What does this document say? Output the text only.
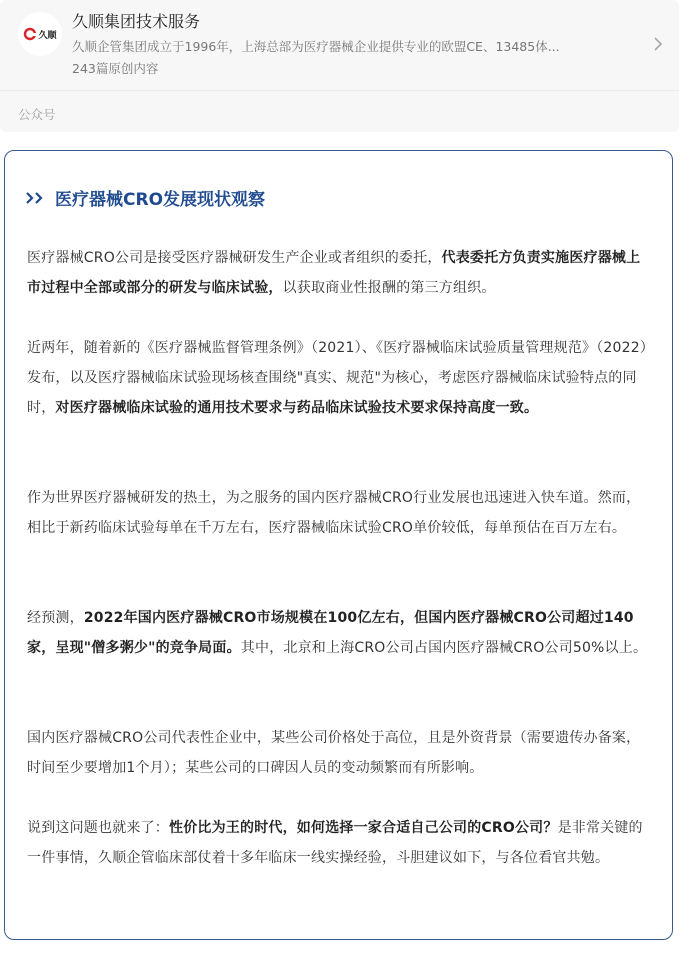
久顺
久顺集团技术服务
久顺企管集团成立于1996年，上海总部为医疗器械企业提供专业的欧盟CE、13485体...
243篇原创内容
公众号
医疗器械CRO发展现状观察

医疗器械CRO公司是接受医疗器械研发生产企业或者组织的委托，代表委托方负责实施医疗器械上市过程中全部或部分的研发与临床试验，以获取商业性报酬的第三方组织。

近两年，随着新的《医疗器械监督管理条例》（2021）、《医疗器械临床试验质量管理规范》（2022）发布，以及医疗器械临床试验现场核查围绕"真实、规范"为核心，考虑医疗器械临床试验特点的同时，对医疗器械临床试验的通用技术要求与药品临床试验技术要求保持高度一致。

作为世界医疗器械研发的热土，为之服务的国内医疗器械CRO行业发展也迅速进入快车道。然而，相比于新药临床试验每单在千万左右，医疗器械临床试验CRO单价较低，每单预估在百万左右。

经预测，2022年国内医疗器械CRO市场规模在100亿左右，但国内医疗器械CRO公司超过140家，呈现"僧多粥少"的竞争局面。其中，北京和上海CRO公司占国内医疗器械CRO公司50%以上。

国内医疗器械CRO公司代表性企业中，某些公司价格处于高位，且是外资背景（需要遗传办备案，时间至少要增加1个月）；某些公司的口碑因人员的变动频繁而有所影响。

说到这问题也就来了：性价比为王的时代，如何选择一家合适自己公司的CRO公司？是非常关键的一件事情，久顺企管临床部仗着十多年临床一线实操经验，斗胆建议如下，与各位看官共勉。
